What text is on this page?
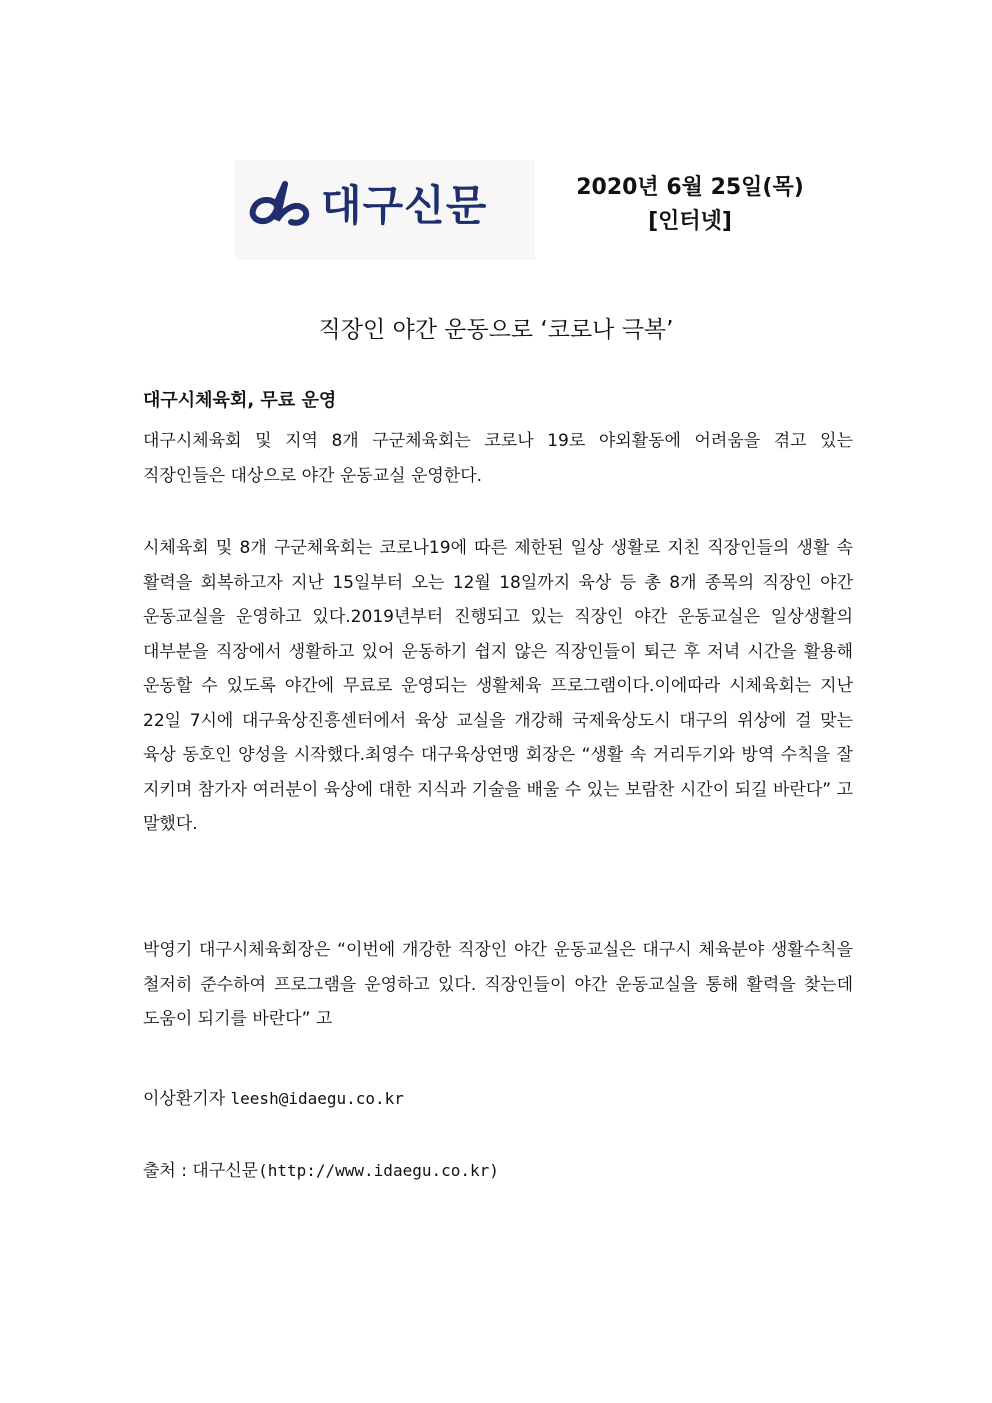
대구신문	2020년 6월 25일(목)
[인터넷]
직장인 야간 운동으로 ‘코로나 극복’
대구시체육회, 무료 운영
대구시체육회 및 지역 8개 구군체육회는 코로나 19로 야외활동에 어려움을 겪고 있는 직장인들은 대상으로 야간 운동교실 운영한다.
시체육회 및 8개 구군체육회는 코로나19에 따른 제한된 일상 생활로 지친 직장인들의 생활 속 활력을 회복하고자 지난 15일부터 오는 12월 18일까지 육상 등 총 8개 종목의 직장인 야간 운동교실을 운영하고 있다.2019년부터 진행되고 있는 직장인 야간 운동교실은 일상생활의 대부분을 직장에서 생활하고 있어 운동하기 쉽지 않은 직장인들이 퇴근 후 저녁 시간을 활용해 운동할 수 있도록 야간에 무료로 운영되는 생활체육 프로그램이다.이에따라 시체육회는 지난 22일 7시에 대구육상진흥센터에서 육상 교실을 개강해 국제육상도시 대구의 위상에 걸 맞는 육상 동호인 양성을 시작했다.최영수 대구육상연맹 회장은 “생활 속 거리두기와 방역 수칙을 잘 지키며 참가자 여러분이 육상에 대한 지식과 기술을 배울 수 있는 보람찬 시간이 되길 바란다” 고 말했다.
박영기 대구시체육회장은 “이번에 개강한 직장인 야간 운동교실은 대구시 체육분야 생활수칙을 철저히 준수하여 프로그램을 운영하고 있다. 직장인들이 야간 운동교실을 통해 활력을 찾는데 도움이 되기를 바란다” 고
이상환기자 leesh@idaegu.co.kr
출처 : 대구신문(http://www.idaegu.co.kr)
